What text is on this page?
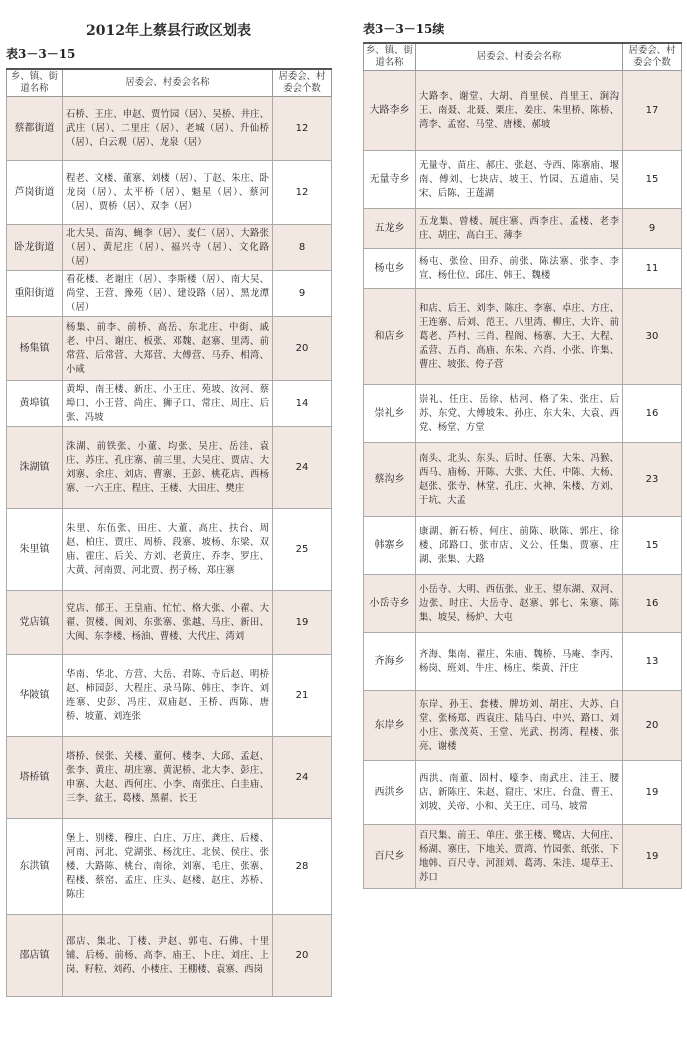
2012年上蔡县行政区划表
表3－3－15
表3－3－15续
乡、镇、街道名称	居委会、村委会名称	居委会、村委会个数
蔡都街道	石桥、王庄、申赵、贾竹园（居）、吴桥、井庄、武庄（居）、二里庄（居）、老城（居）、升仙桥（居）、白云观（居）、龙泉（居）	12
芦岗街道	程老、文楼、董寨、刘楼（居）、丁赵、朱庄、卧龙岗（居）、太平桥（居）、魁星（居）、蔡河（居）、贾桥（居）、双李（居）	12
卧龙街道	北大吴、苗沟、蝇李（居）、麦仁（居）、大路张（居）、黄尼庄（居）、福兴寺（居）、文化路（居）	8
重阳街道	看花楼、老谢庄（居）、李斯楼（居）、南大吴、尚堂、王营、豫苑（居）、建设路（居）、黑龙潭（居）	9
杨集镇	杨集、前李、前桥、高岳、东北庄、中街、戚老、中吕、谢庄、板张、邓魏、赵寨、里湾、前常营、后常营、大郑营、大傅营、马乔、相湾、小咸	20
黄埠镇	黄埠、南王楼、新庄、小王庄、苑坡、汝河、蔡埠口、小王营、尚庄、狮子口、常庄、周庄、后张、冯坡	14
洙湖镇	洙湖、前铁张、小董、均张、吴庄、岳洼、袁庄、苏庄、孔庄寨、前三里、大吴庄、贾店、大刘寨、余庄、刘店、曹寨、王彭、桃花店、西杨寨、一六王庄、程庄、王楼、大田庄、樊庄	24
朱里镇	朱里、东伍张、田庄、大董、高庄、扶台、周赵、柏庄、贾庄、周桥、段寨、坡杨、东梁、双庙、霍庄、后关、方刘、老黄庄、乔李、罗庄、大黄、河南贾、河北贾、拐子杨、郑庄寨	25
党店镇	党店、郁王、王皇庙、忙忙、格大张、小翟、大翟、贺楼、闽刘、东张寨、张越、马庄、新田、大闽、东李楼、杨油、曹楼、大代庄、湾刘	19
华陂镇	华南、华北、方营、大岳、君陈、寺后赵、明桥赵、柿园彭、大程庄、录马陈、韩庄、李许、刘连寨、史彭、冯庄、双庙赵、王桥、西陈、唐桥、坡董、刘连张	21
塔桥镇	塔桥、侯张、关楼、董何、楼李、大邱、孟赵、张李、黄庄、胡庄寨、黄泥桥、北大李、彭庄、申寨、大赵、西何庄、小李、南张庄、白圭庙、三李、盆王、葛楼、黑翟、长王	24
东洪镇	堡上、别楼、穆庄、白庄、万庄、龚庄、后楼、河南、河北、党湖张、杨沈庄、北侯、侯庄、张楼、大路陈、桃台、南徐、刘寨、毛庄、张寨、程楼、蔡窑、孟庄、庄头、赵楼、赵庄、苏桥、陈庄	28
邵店镇	邵店、集北、丁楼、尹赵、郭屯、石佛、十里铺、后杨、前杨、高李、庙王、卜庄、刘庄、上岗、籽粒、刘药、小楼庄、王棚楼、袁寨、西岗	20
乡、镇、街道名称	居委会、村委会名称	居委会、村委会个数
大路李乡	大路李、谢堂、大胡、肖里侯、肖里王、涧沟王、南聂、北聂、栗庄、姜庄、朱里桥、陈桥、湾李、孟窑、马堂、唐楼、郝坡	17
无量寺乡	无量寺、苗庄、郝庄、张赵、寺西、陈寨庙、堰南、傅刘、七块店、坡王、竹园、五道庙、吴宋、后陈、王莲湖	15
五龙乡	五龙集、曾楼、展庄寨、西李庄、孟楼、老李庄、胡庄、高白王、薄李	9
杨屯乡	杨屯、张俭、田乔、前张、陈法寨、张李、李宣、杨仕位、邱庄、韩王、魏楼	11
和店乡	和店、后王、刘李、陈庄、李寨、卓庄、方庄、王连寨、后刘、范王、八里湾、柳庄、大许、前葛老、芦村、三肖、程阁、杨寨、大王、大程、孟营、五肖、高庙、东朱、六肖、小张、许集、曹庄、坡张、侉子营	30
崇礼乡	崇礼、任庄、岳徐、枯河、格了朱、张庄、后苏、东党、大傅坡朱、孙庄、东大朱、大袁、西党、杨堂、方堂	16
蔡沟乡	南头、北头、东头、后时、任寨、大朱、冯猴、西马、庙杨、开陈、大张、大任、中陈、大杨、赵张、张寺、林堂、孔庄、火神、朱楼、方刘、于坑、大孟	23
韩寨乡	康湖、新石桥、何庄、前陈、耿陈、郭庄、徐楼、邱路口、张市店、义公、任集、贾寨、庄湖、张集、大路	15
小岳寺乡	小岳寺、大明、西伍张、业王、望东湖、双河、边张、时庄、大岳寺、赵寨、郭七、朱寨、陈集、坡吴、杨炉、大屯	16
齐海乡	齐海、集南、翟庄、朱庙、魏桥、马庵、李丙、杨岗、班刘、牛庄、杨庄、柴黄、汗庄	13
东岸乡	东岸、孙王、套楼、牌坊刘、胡庄、大苏、白堂、张杨郑、西袁庄、陆马白、中兴、路口、刘小庄、张茂英、王堂、光武、拐湾、程楼、张亮、谢楼	20
西洪乡	西洪、南董、固村、嚎李、南武庄、洼王、腰店、新陈庄、朱赵、窟庄、宋庄、台盘、曹王、刘坡、关帝、小和、关王庄、司马、坡常	19
百尺乡	百尺集、前王、单庄、张王楼、鹭店、大何庄、杨湖、寨庄、下地关、贾湾、竹园张、纸张、下地韩、百尺寺、河涯刘、葛湾、朱洼、堤草王、苏口	19
